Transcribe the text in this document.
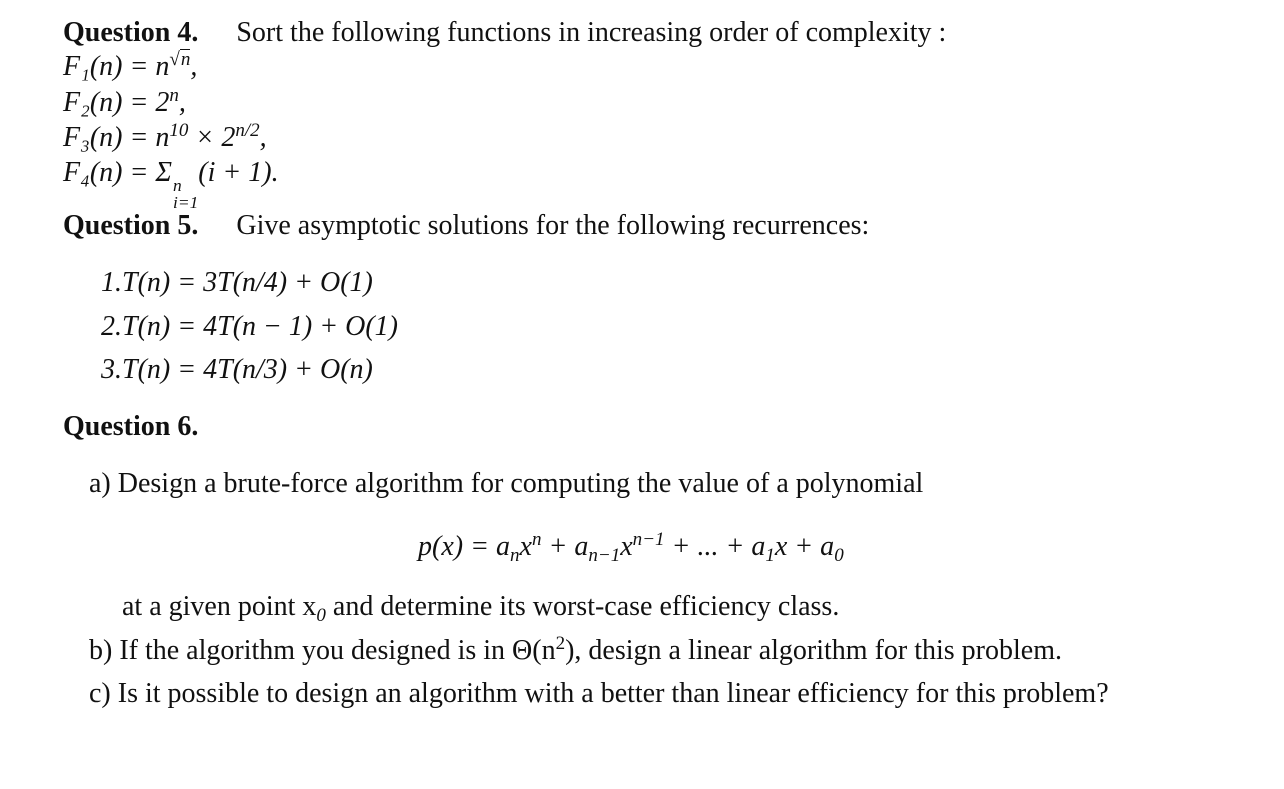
Question 4. Sort the following functions in increasing order of complexity :
$F_1(n) = n^{√n}$,
$F_2(n) = 2^n$,
$F_3(n) = n^{10} \times 2^{n/2}$,
F₄(n) = Σ n
i=1
(i + 1).
Question 5. Give asymptotic solutions for the following recurrences:
1.T(n) = 3T(n/4) + O(1)
2.T(n) = 4T(n − 1) + O(1)
3.T(n) = 4T(n/3) + O(n)
Question 6.
a) Design a brute-force algorithm for computing the value of a polynomial
$p(x) = a_nx^n + a_{n-1}x^{n-1}$ + ... + $a_1x + a_0$
at a given point $x_0$ and determine its worst-case efficiency class.
b) If the algorithm you designed is in $\Theta(n^2)$, design a linear algorithm for this problem.
c) Is it possible to design an algorithm with a better than linear efficiency for this problem?
